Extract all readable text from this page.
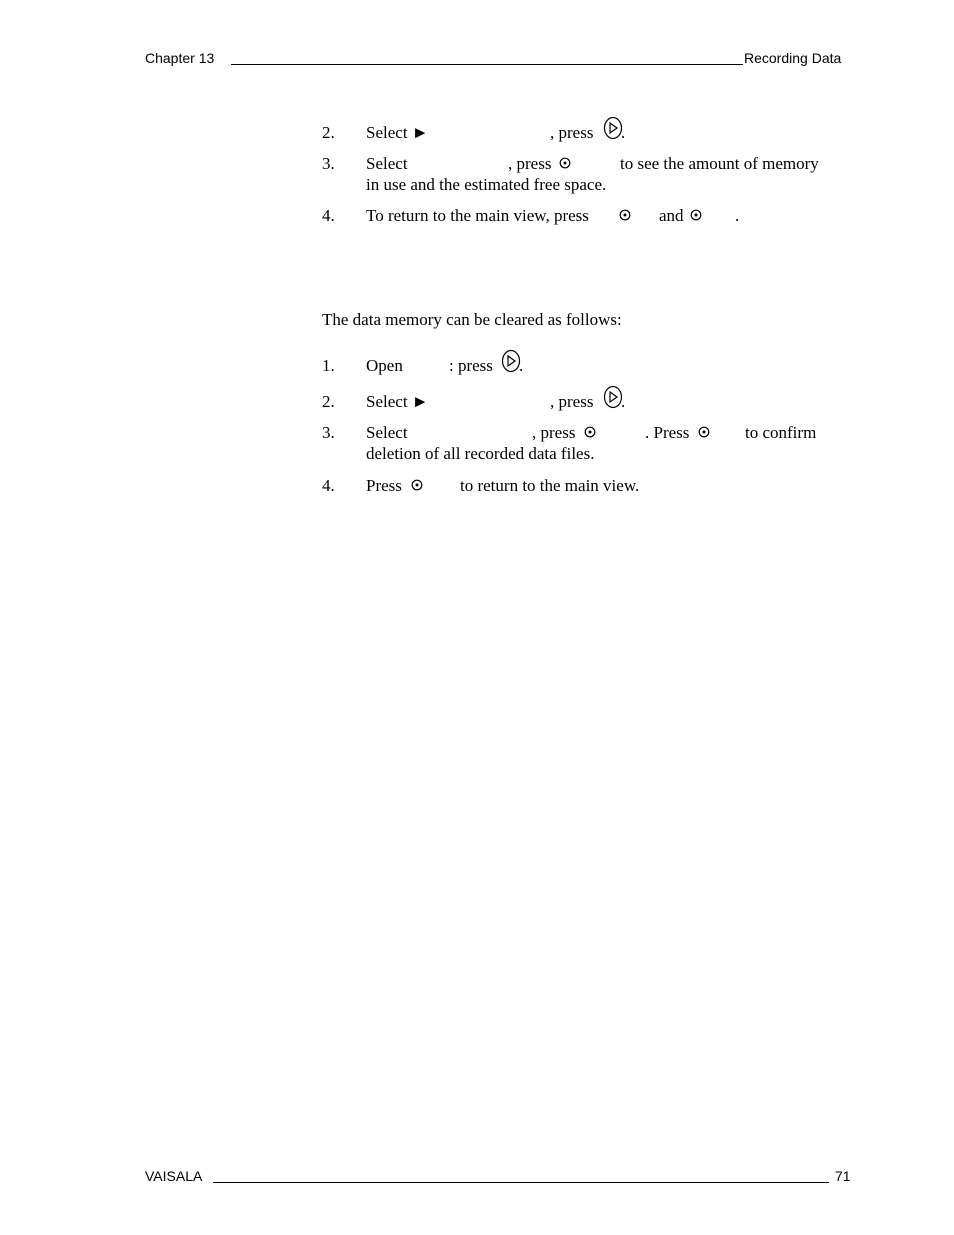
Chapter 13	Recording Data
2. Select ►	, press .
3. Select	, press	to see the amount of memory
in use and the estimated free space.
4. To return to the main view, press	and	.
The data memory can be cleared as follows:
1. Open	: press .
2. Select ►	, press .
3. Select	, press	. Press	to confirm
deletion of all recorded data files.
4. Press	to return to the main view.
VAISALA	71
